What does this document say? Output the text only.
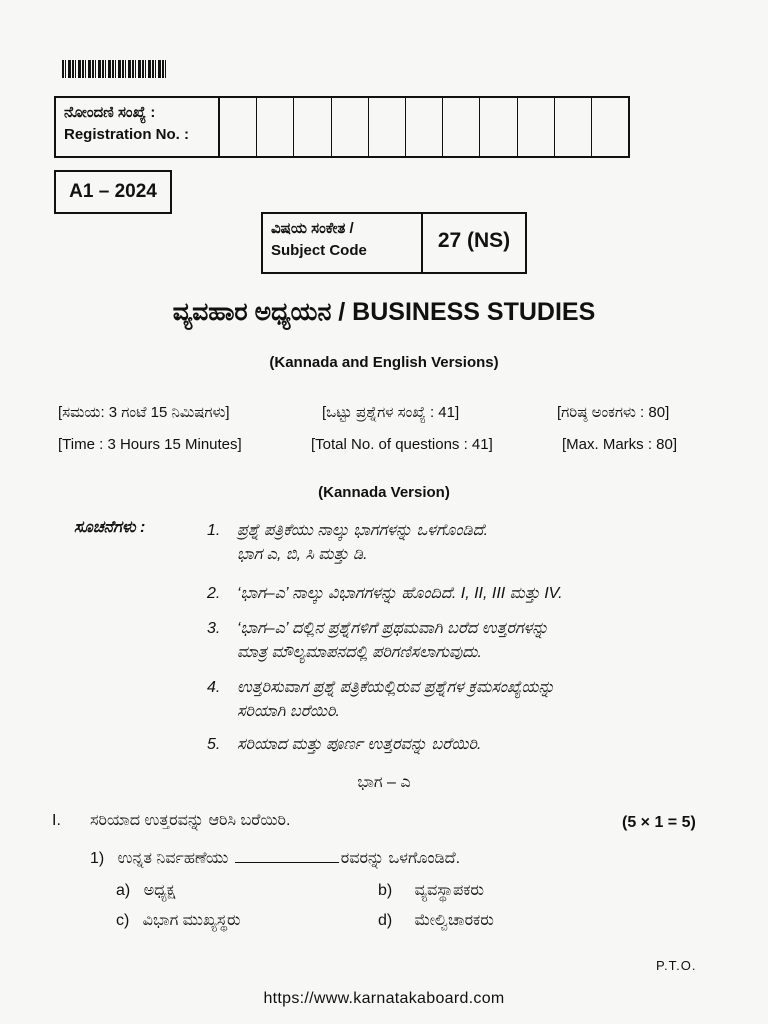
ನೋಂದಣಿ ಸಂಖ್ಯೆ :
Registration No. :
A1 – 2024
ವಿಷಯ ಸಂಕೇತ /
Subject Code	27 (NS)
ವ್ಯವಹಾರ ಅಧ್ಯಯನ / BUSINESS STUDIES
(Kannada and English Versions)
[ಸಮಯ: 3 ಗಂಟೆ 15 ನಿಮಿಷಗಳು]	[ಒಟ್ಟು ಪ್ರಶ್ನೆಗಳ ಸಂಖ್ಯೆ : 41]	[ಗರಿಷ್ಠ ಅಂಕಗಳು : 80]
[Time : 3 Hours 15 Minutes]	[Total No. of questions : 41]	[Max. Marks : 80]
(Kannada Version)
ಸೂಚನೆಗಳು :	1. ಪ್ರಶ್ನೆ ಪತ್ರಿಕೆಯು ನಾಲ್ಕು ಭಾಗಗಳನ್ನು ಒಳಗೊಂಡಿದೆ.
ಭಾಗ ಎ, ಬಿ, ಸಿ ಮತ್ತು ಡಿ.
2. ‘ಭಾಗ–ಎ’ ನಾಲ್ಕು ವಿಭಾಗಗಳನ್ನು ಹೊಂದಿದೆ. I, II, III ಮತ್ತು IV.
3. ‘ಭಾಗ–ಎ’ ದಲ್ಲಿನ ಪ್ರಶ್ನೆಗಳಿಗೆ ಪ್ರಥಮವಾಗಿ ಬರೆದ ಉತ್ತರಗಳನ್ನು
ಮಾತ್ರ ಮೌಲ್ಯಮಾಪನದಲ್ಲಿ ಪರಿಗಣಿಸಲಾಗುವುದು.
4. ಉತ್ತರಿಸುವಾಗ ಪ್ರಶ್ನೆ ಪತ್ರಿಕೆಯಲ್ಲಿರುವ ಪ್ರಶ್ನೆಗಳ ಕ್ರಮಸಂಖ್ಯೆಯನ್ನು
ಸರಿಯಾಗಿ ಬರೆಯಿರಿ.
5. ಸರಿಯಾದ ಮತ್ತು ಪೂರ್ಣ ಉತ್ತರವನ್ನು ಬರೆಯಿರಿ.
ಭಾಗ – ಎ
I. ಸರಿಯಾದ ಉತ್ತರವನ್ನು ಆರಿಸಿ ಬರೆಯಿರಿ.	(5 × 1 = 5)
1) ಉನ್ನತ ನಿರ್ವಹಣೆಯು	ರವರನ್ನು ಒಳಗೊಂಡಿದೆ.
a) ಅಧ್ಯಕ್ಷ	b) ವ್ಯವಸ್ಥಾಪಕರು
c) ವಿಭಾಗ ಮುಖ್ಯಸ್ಥರು	d) ಮೇಲ್ವಿಚಾರಕರು
P.T.O.
https://www.karnatakaboard.com
